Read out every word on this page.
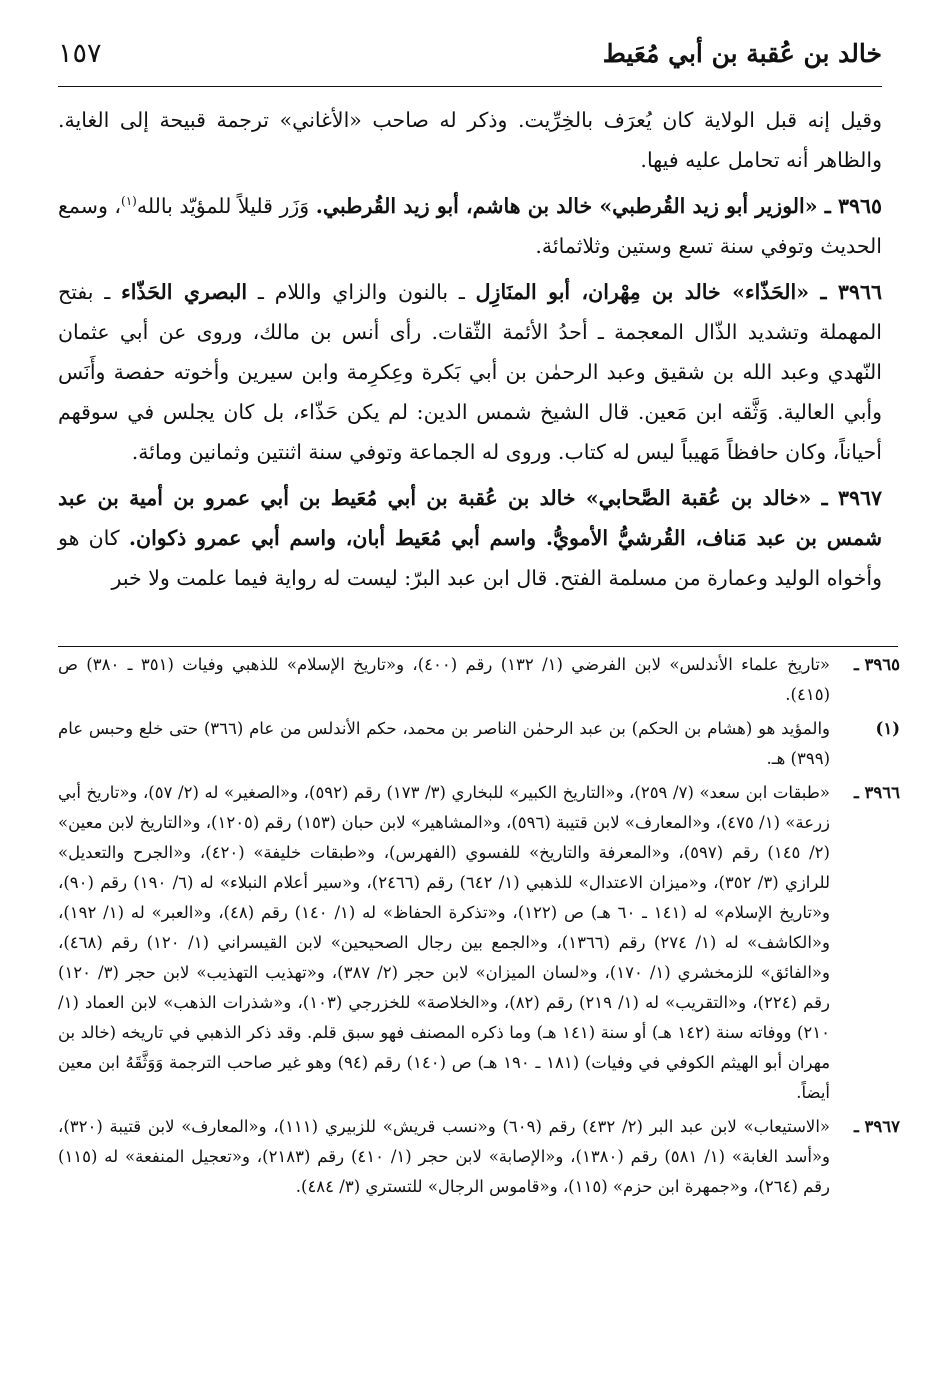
خالد بن عُقبة بن أبي مُعَيط
١٥٧

وقيل إنه قبل الولاية كان يُعرَف بالخِرِّيت. وذكر له صاحب «الأغاني» ترجمة قبيحة إلى الغاية. والظاهر أنه تحامل عليه فيها.

٣٩٦٥ ـ «الوزير أبو زيد القُرطبي» خالد بن هاشم، أبو زيد القُرطبي. وَزَر قليلاً للمؤيّد بالله$^{(١)}$، وسمع الحديث وتوفي سنة تسع وستين وثلاثمائة.

٣٩٦٦ ـ «الحَذّاء» خالد بن مِهْران، أبو المنَازِل ـ بالنون والزاي واللام ـ البصري الحَذّاء ـ بفتح المهملة وتشديد الذّال المعجمة ـ أحدُ الأئمة الثّقات. رأى أنس بن مالك، وروى عن أبي عثمان النّهدي وعبد الله بن شقيق وعبد الرحمٰن بن أبي بَكرة وعِكرِمة وابن سيرين وأخوته حفصة وأَنَس وأبي العالية. وَثَّقه ابن مَعين. قال الشيخ شمس الدين: لم يكن حَذّاء، بل كان يجلس في سوقهم أحياناً، وكان حافظاً مَهيباً ليس له كتاب. وروى له الجماعة وتوفي سنة اثنتين وثمانين ومائة.

٣٩٦٧ ـ «خالد بن عُقبة الصَّحابي» خالد بن عُقبة بن أبي مُعَيط بن أبي عمرو بن أمية بن عبد شمس بن عبد مَناف، القُرشيُّ الأمويُّ. واسم أبي مُعَيط أبان، واسم أبي عمرو ذكوان. كان هو وأخواه الوليد وعمارة من مسلمة الفتح. قال ابن عبد البرّ: ليست له رواية فيما علمت ولا خبر

٣٩٦٥ ـ
«تاريخ علماء الأندلس» لابن الفرضي (١/ ١٣٢) رقم (٤٠٠)، و«تاريخ الإسلام» للذهبي وفيات (٣٥١ ـ ٣٨٠) ص (٤١٥).
(١)
والمؤيد هو (هشام بن الحكم) بن عبد الرحمٰن الناصر بن محمد، حكم الأندلس من عام (٣٦٦) حتى خلع وحبس عام (٣٩٩) هـ.
٣٩٦٦ ـ
«طبقات ابن سعد» (٧/ ٢٥٩)، و«التاريخ الكبير» للبخاري (٣/ ١٧٣) رقم (٥٩٢)، و«الصغير» له (٢/ ٥٧)، و«تاريخ أبي زرعة» (١/ ٤٧٥)، و«المعارف» لابن قتيبة (٥٩٦)، و«المشاهير» لابن حبان (١٥٣) رقم (١٢٠٥)، و«التاريخ لابن معين» (٢/ ١٤٥) رقم (٥٩٧)، و«المعرفة والتاريخ» للفسوي (الفهرس)، و«طبقات خليفة» (٤٢٠)، و«الجرح والتعديل» للرازي (٣/ ٣٥٢)، و«ميزان الاعتدال» للذهبي (١/ ٦٤٢) رقم (٢٤٦٦)، و«سير أعلام النبلاء» له (٦/ ١٩٠) رقم (٩٠)، و«تاريخ الإسلام» له (١٤١ ـ ٦٠ هـ) ص (١٢٢)، و«تذكرة الحفاظ» له (١/ ١٤٠) رقم (٤٨)، و«العبر» له (١/ ١٩٢)، و«الكاشف» له (١/ ٢٧٤) رقم (١٣٦٦)، و«الجمع بين رجال الصحيحين» لابن القيسراني (١/ ١٢٠) رقم (٤٦٨)، و«الفائق» للزمخشري (١/ ١٧٠)، و«لسان الميزان» لابن حجر (٢/ ٣٨٧)، و«تهذيب التهذيب» لابن حجر (٣/ ١٢٠) رقم (٢٢٤)، و«التقريب» له (١/ ٢١٩) رقم (٨٢)، و«الخلاصة» للخزرجي (١٠٣)، و«شذرات الذهب» لابن العماد (١/ ٢١٠) ووفاته سنة (١٤٢ هـ) أو سنة (١٤١ هـ) وما ذكره المصنف فهو سبق قلم. وقد ذكر الذهبي في تاريخه (خالد بن مهران أبو الهيثم الكوفي في وفيات) (١٨١ ـ ١٩٠ هـ) ص (١٤٠) رقم (٩٤) وهو غير صاحب الترجمة وَوَثَّقَهُ ابن معين أيضاً.
٣٩٦٧ ـ
«الاستيعاب» لابن عبد البر (٢/ ٤٣٢) رقم (٦٠٩) و«نسب قريش» للزبيري (١١١)، و«المعارف» لابن قتيبة (٣٢٠)، و«أسد الغابة» (١/ ٥٨١) رقم (١٣٨٠)، و«الإصابة» لابن حجر (١/ ٤١٠) رقم (٢١٨٣)، و«تعجيل المنفعة» له (١١٥) رقم (٢٦٤)، و«جمهرة ابن حزم» (١١٥)، و«قاموس الرجال» للتستري (٣/ ٤٨٤).
